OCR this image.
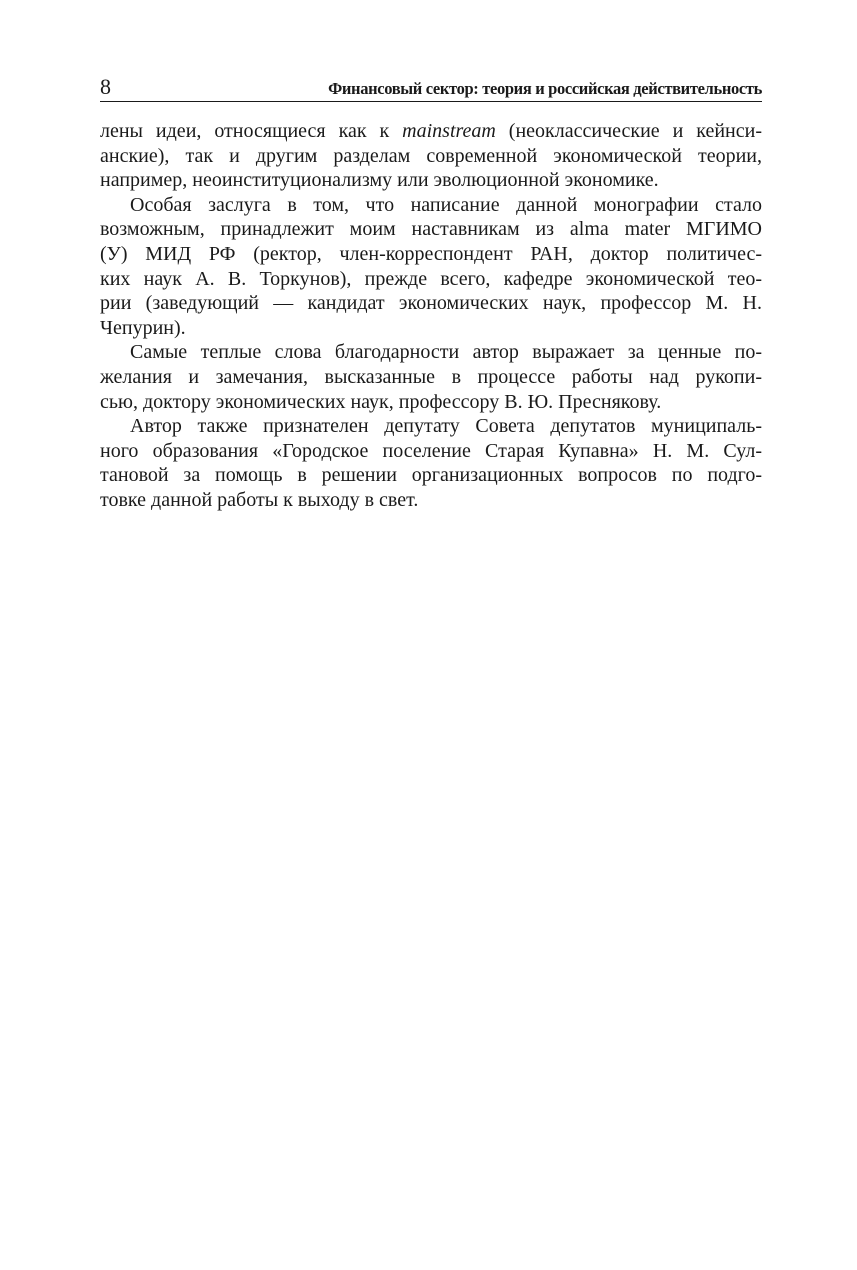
8	Финансовый сектор: теория и российская действительность
лены идеи, относящиеся как к mainstream (неоклассические и кейнси-
анские), так и другим разделам современной экономической теории,
например, неоинституционализму или эволюционной экономике.
Особая заслуга в том, что написание данной монографии стало
возможным, принадлежит моим наставникам из alma mater МГИМО
(У) МИД РФ (ректор, член-корреспондент РАН, доктор политичес-
ких наук А. В. Торкунов), прежде всего, кафедре экономической тео-
рии (заведующий — кандидат экономических наук, профессор М. Н.
Чепурин).
Самые теплые слова благодарности автор выражает за ценные по-
желания и замечания, высказанные в процессе работы над рукопи-
сью, доктору экономических наук, профессору В. Ю. Преснякову.
Автор также признателен депутату Совета депутатов муниципаль-
ного образования «Городское поселение Старая Купавна» Н. М. Сул-
тановой за помощь в решении организационных вопросов по подго-
товке данной работы к выходу в свет.
